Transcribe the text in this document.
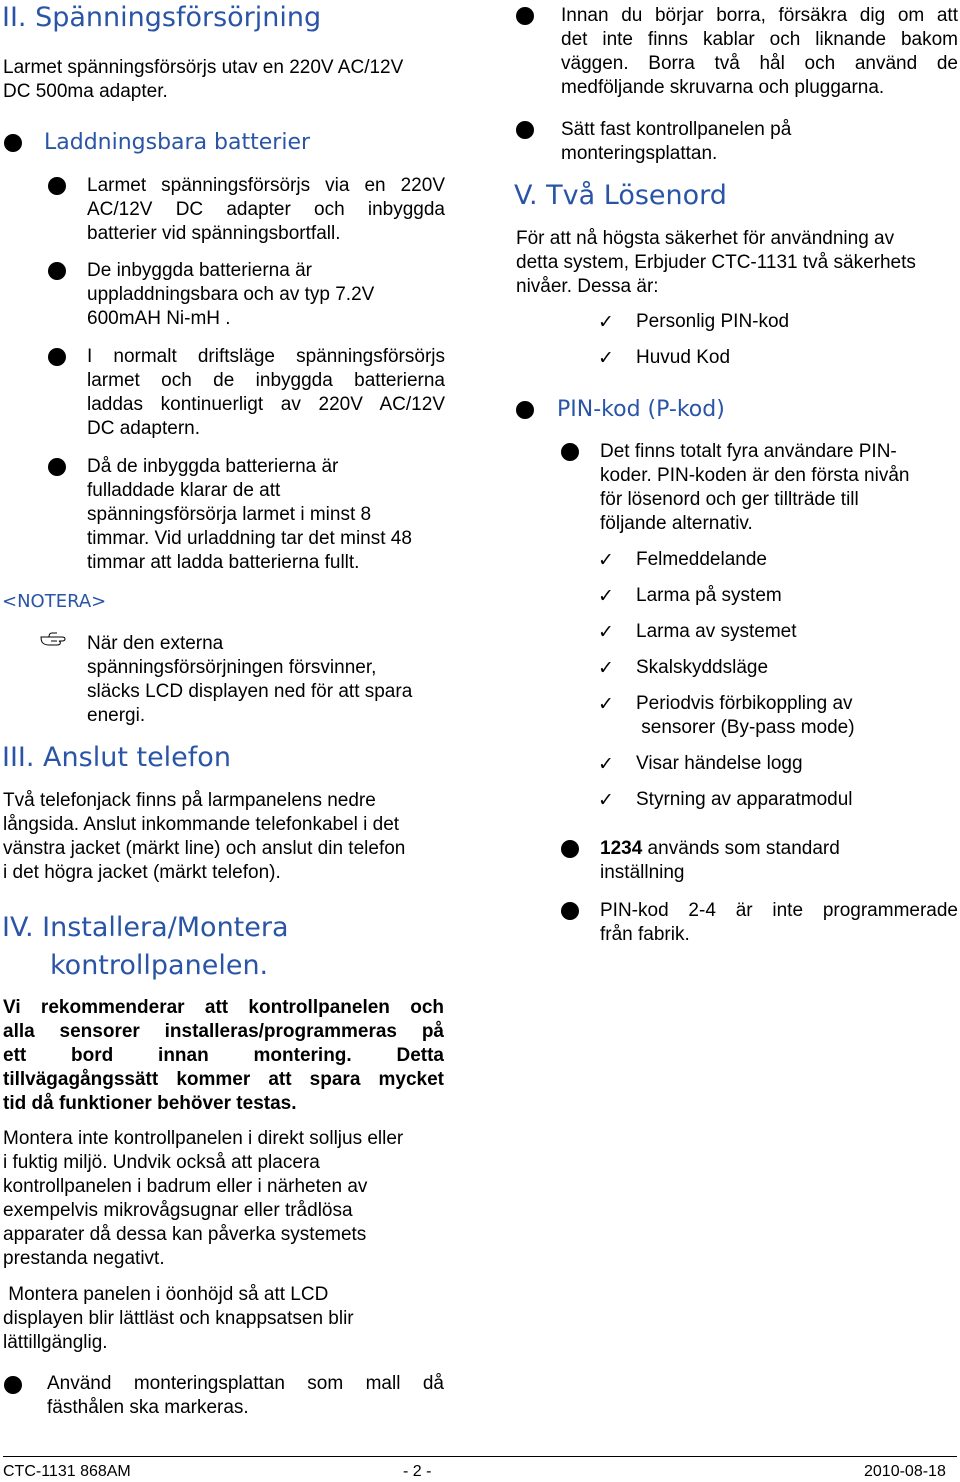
II. Spänningsförsörjning
Larmet spänningsförsörjs utav en 220V AC/12V
DC 500ma adapter.
Laddningsbara batterier
Larmet spänningsförsörjs via en 220V
AC/12V DC adapter och inbyggda
batterier vid spänningsbortfall.
De inbyggda batterierna är
uppladdningsbara och av typ 7.2V
600mAH Ni-mH .
I normalt driftsläge spänningsförsörjs
larmet och de inbyggda batterierna
laddas kontinuerligt av 220V AC/12V
DC adaptern.
Då de inbyggda batterierna är
fulladdade klarar de att
spänningsförsörja larmet i minst 8
timmar. Vid urladdning tar det minst 48
timmar att ladda batterierna fullt.
<NOTERA>
När den externa
spänningsförsörjningen försvinner,
släcks LCD displayen ned för att spara
energi.
III. Anslut telefon
Två telefonjack finns på larmpanelens nedre
långsida. Anslut inkommande telefonkabel i det
vänstra jacket (märkt line) och anslut din telefon
i det högra jacket (märkt telefon).
IV. Installera/Montera
kontrollpanelen.
Vi rekommenderar att kontrollpanelen och
alla sensorer installeras/programmeras på
ett bord innan montering. Detta
tillvägagångssätt kommer att spara mycket
tid då funktioner behöver testas.
Montera inte kontrollpanelen i direkt solljus eller
i fuktig miljö. Undvik också att placera
kontrollpanelen i badrum eller i närheten av
exempelvis mikrovågsugnar eller trådlösa
apparater då dessa kan påverka systemets
prestanda negativt.
Montera panelen i öonhöjd så att LCD
displayen blir lättläst och knappsatsen blir
lättillgänglig.
Använd monteringsplattan som mall då
fästhålen ska markeras.
Innan du börjar borra, försäkra dig om att
det inte finns kablar och liknande bakom
väggen. Borra två hål och använd de
medföljande skruvarna och pluggarna.
Sätt fast kontrollpanelen på
monteringsplattan.
V. Två Lösenord
För att nå högsta säkerhet för användning av
detta system, Erbjuder CTC-1131 två säkerhets
nivåer. Dessa är:
✓ Personlig PIN-kod
✓ Huvud Kod
PIN-kod (P-kod)
Det finns totalt fyra användare PIN-
koder. PIN-koden är den första nivån
för lösenord och ger tillträde till
följande alternativ.
✓ Felmeddelande
✓ Larma på system
✓ Larma av systemet
✓ Skalskyddsläge
✓ Periodvis förbikoppling av
sensorer (By-pass mode)
✓ Visar händelse logg
✓ Styrning av apparatmodul
1234 används som standard
inställning
PIN-kod 2-4 är inte programmerade
från fabrik.
CTC-1131 868AM	- 2 -	2010-08-18
